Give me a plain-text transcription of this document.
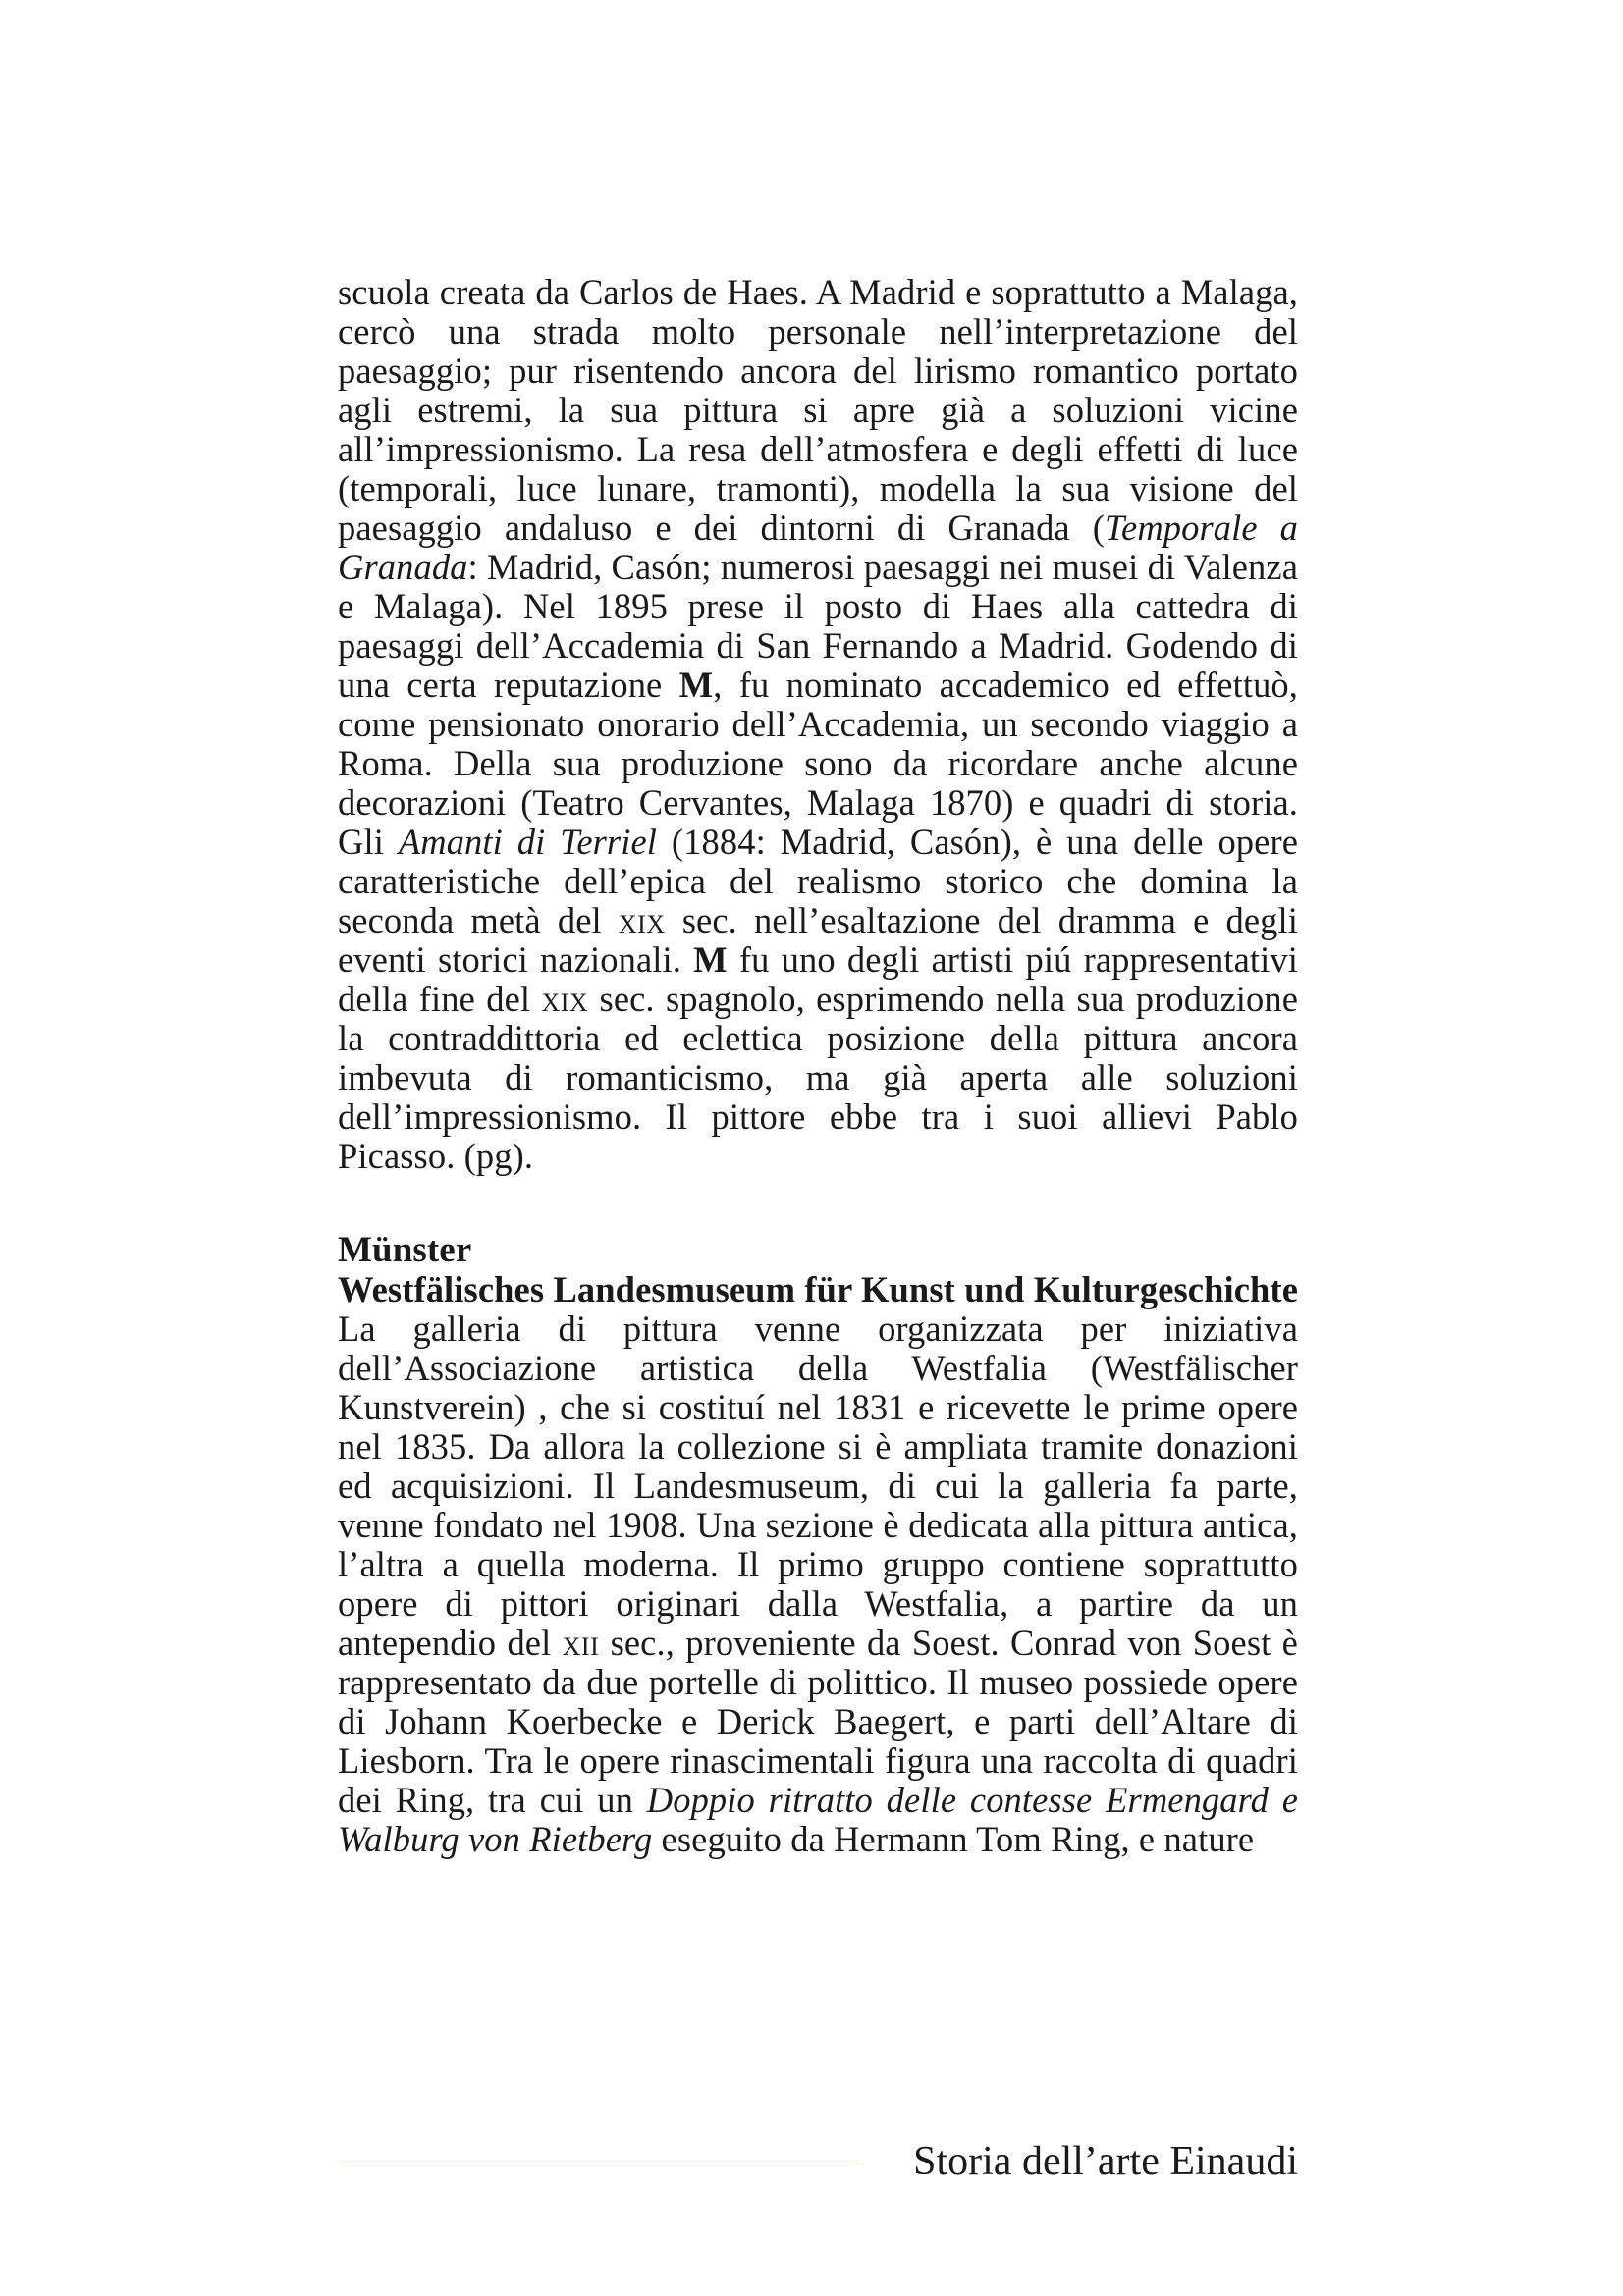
scuola creata da Carlos de Haes. A Madrid e soprattutto a Malaga, cercò una strada molto personale nell’interpretazione del paesaggio; pur risentendo ancora del lirismo romantico portato agli estremi, la sua pittura si apre già a soluzioni vicine all’impressionismo. La resa dell’atmosfera e degli effetti di luce (temporali, luce lunare, tramonti), modella la sua visione del paesaggio andaluso e dei dintorni di Granada (Temporale a Granada: Madrid, Casón; numerosi paesaggi nei musei di Valenza e Malaga). Nel 1895 prese il posto di Haes alla cattedra di paesaggi dell’Accademia di San Fernando a Madrid. Godendo di una certa reputazione M, fu nominato accademico ed effettuò, come pensionato onorario dell’Accademia, un secondo viaggio a Roma. Della sua produzione sono da ricordare anche alcune decorazioni (Teatro Cervantes, Malaga 1870) e quadri di storia. Gli Amanti di Terriel (1884: Madrid, Casón), è una delle opere caratteristiche dell’epica del realismo storico che domina la seconda metà del xix sec. nell’esaltazione del dramma e degli eventi storici nazionali. M fu uno degli artisti piú rappresentativi della fine del xix sec. spagnolo, esprimendo nella sua produzione la contraddittoria ed eclettica posizione della pittura ancora imbevuta di romanticismo, ma già aperta alle soluzioni dell’impressionismo. Il pittore ebbe tra i suoi allievi Pablo Picasso. (pg).

Münster

Westfälisches Landesmuseum für Kunst und Kulturgeschichte La galleria di pittura venne organizzata per iniziativa dell’Associazione artistica della Westfalia (Westfälischer Kunstverein) , che si costituí nel 1831 e ricevette le prime opere nel 1835. Da allora la collezione si è ampliata tramite donazioni ed acquisizioni. Il Landesmuseum, di cui la galleria fa parte, venne fondato nel 1908. Una sezione è dedicata alla pittura antica, l’altra a quella moderna. Il primo gruppo contiene soprattutto opere di pittori originari dalla Westfalia, a partire da un antependio del xii sec., proveniente da Soest. Conrad von Soest è rappresentato da due portelle di polittico. Il museo possiede opere di Johann Koerbecke e Derick Baegert, e parti dell’Altare di Liesborn. Tra le opere rinascimentali figura una raccolta di quadri dei Ring, tra cui un Doppio ritratto delle contesse Ermengard e Walburg von Rietberg eseguito da Hermann Tom Ring, e nature

Storia dell’arte Einaudi
